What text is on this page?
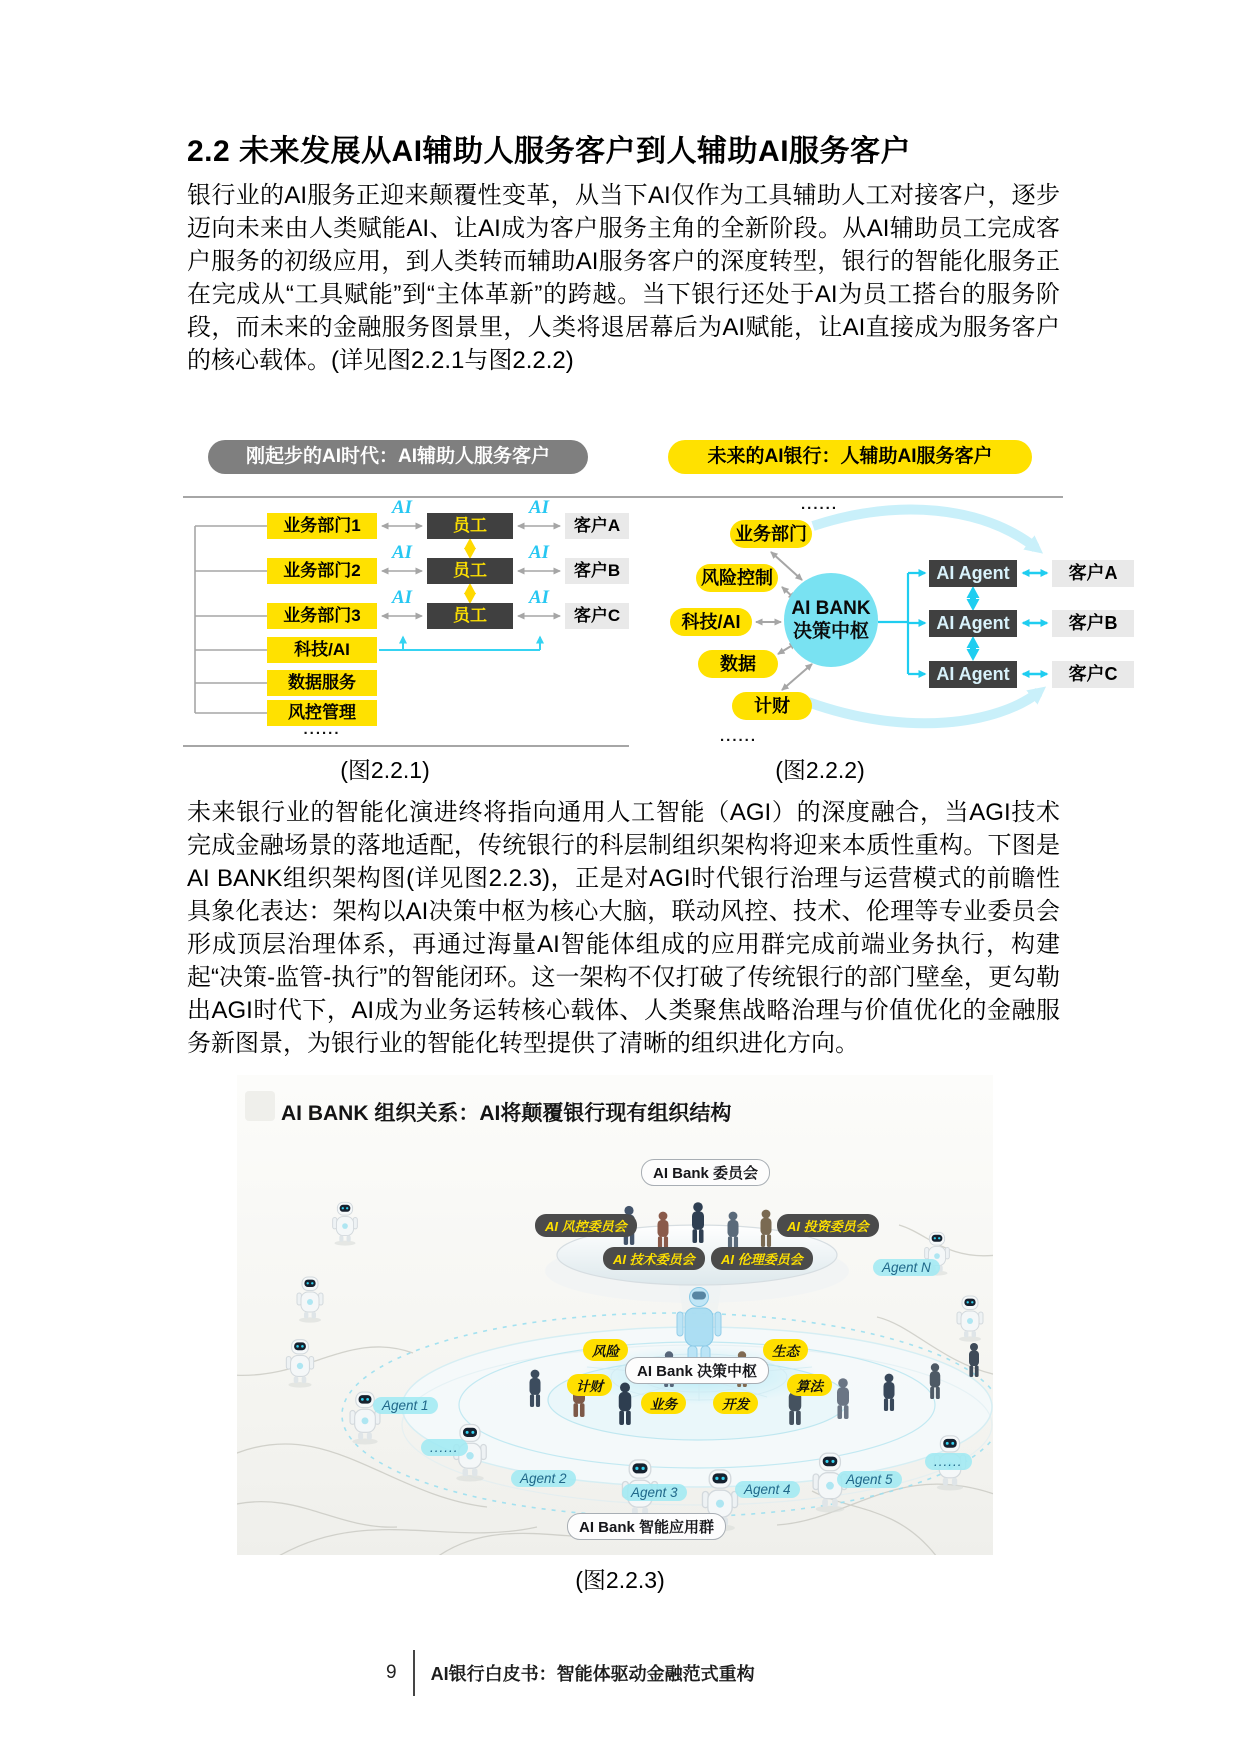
2.2 未来发展从AI辅助人服务客户到人辅助AI服务客户

银行业的AI服务正迎来颠覆性变革，从当下AI仅作为工具辅助人工对接客户，逐步迈向未来由人类赋能AI、让AI成为客户服务主角的全新阶段。从AI辅助员工完成客户服务的初级应用，到人类转而辅助AI服务客户的深度转型，银行的智能化服务正在完成从“工具赋能”到“主体革新”的跨越。当下银行还处于AI为员工搭台的服务阶段，而未来的金融服务图景里，人类将退居幕后为AI赋能，让AI直接成为服务客户的核心载体。(详见图2.2.1与图2.2.2)

刚起步的AI时代：AI辅助人服务客户
业务部门1
业务部门2
业务部门3
科技/AI
数据服务
风控管理
......
员工
员工
员工
客户A
客户B
客户C
AI
AI
AI
AI
AI
AI
未来的AI银行：人辅助AI服务客户
......
业务部门
风险控制
科技/AI
数据
计财
AI BANK
决策中枢
AI Agent
AI Agent
AI Agent
客户A
客户B
客户C
......
(图2.2.1)	(图2.2.2)

未来银行业的智能化演进终将指向通用人工智能（AGI）的深度融合，当AGI技术完成金融场景的落地适配，传统银行的科层制组织架构将迎来本质性重构。下图是AI BANK组织架构图(详见图2.2.3)，正是对AGI时代银行治理与运营模式的前瞻性具象化表达：架构以AI决策中枢为核心大脑，联动风控、技术、伦理等专业委员会形成顶层治理体系，再通过海量AI智能体组成的应用群完成前端业务执行，构建起“决策-监管-执行”的智能闭环。这一架构不仅打破了传统银行的部门壁垒，更勾勒出AGI时代下，AI成为业务运转核心载体、人类聚焦战略治理与价值优化的金融服务新图景，为银行业的智能化转型提供了清晰的组织进化方向。

AI BANK 组织关系：AI将颠覆银行现有组织结构
AI Bank 委员会
AI 风控委员会	AI 投资委员会
AI 技术委员会	AI 伦理委员会
AI Bank 决策中枢
风险	生态
计财	算法
业务	开发
Agent 1
Agent 2
Agent 3	Agent 4
Agent 5
Agent N
......
......
AI Bank 智能应用群
(图2.2.3)
9 AI银行白皮书：智能体驱动金融范式重构
